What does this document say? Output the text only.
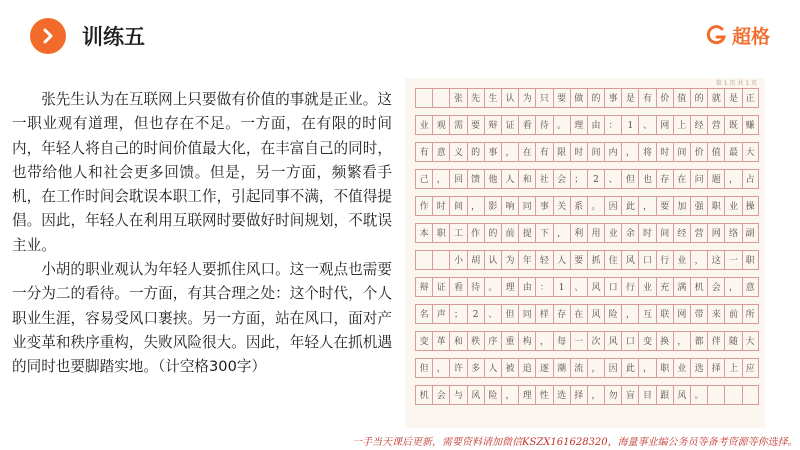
训练五	超格

张先生认为在互联网上只要做有价值的事就是正业。这一职业观有道理，但也存在不足。一方面，在有限的时间内，年轻人将自己的时间价值最大化，在丰富自己的同时，也带给他人和社会更多回馈。但是，另一方面，频繁看手机，在工作时间会耽误本职工作，引起同事不满，不值得提倡。因此，年轻人在利用互联网时要做好时间规划，不耽误主业。

小胡的职业观认为年轻人要抓住风口。这一观点也需要一分为二的看待。一方面，有其合理之处：这个时代，个人职业生涯，容易受风口裹挟。另一方面，站在风口，面对产业变革和秩序重构，失败风险很大。因此，年轻人在抓机遇的同时也要脚踏实地。（计空格300字）

第 1 页 共 1 页

张 先 生 认 为 只 要 做 的 事 是 有 价 值 的 就 是 正
业 观 需 要 辩 证 看 待 。 理 由 ：	1	、 网 上 经 营 既 赚
有 意 义 的 事 ， 在 有 限 时 间 内 ， 将 时 间 价 值 最 大
己 ， 回 馈 他 人 和 社 会 ；	2	、 但 也 存 在 问 题 ， 占
作 时 间 ， 影 响 同 事 关 系 。 因 此 ， 要 加 强 职 业 操
本 职 工 作 的 前 提 下 ， 利 用 业 余 时 间 经 营 网 络 副

小 胡 认 为 年 轻 人 要 抓 住 风 口 行 业 ， 这 一 职
辩 证 看 待 。 理 由 ：	1	、 风 口 行 业 充 满 机 会 ， 意
名 声 ；	2	、 但 同 样 存 在 风 险 ， 互 联 网 带 来 前 所
变 革 和 秩 序 重 构 ， 每 一 次 风 口 变 换 ， 都 伴 随 大
但 ， 许 多 人 被 追 逐 潮 流 ， 因 此 ， 职 业 选 择 上 应
机 会 与 风 险 ， 理 性 选 择 ， 勿 盲 目 跟 风 。
一手当天课后更新，需要资料请加微信KSZX161628320，海量事业编公务员等备考资源等你选择。
